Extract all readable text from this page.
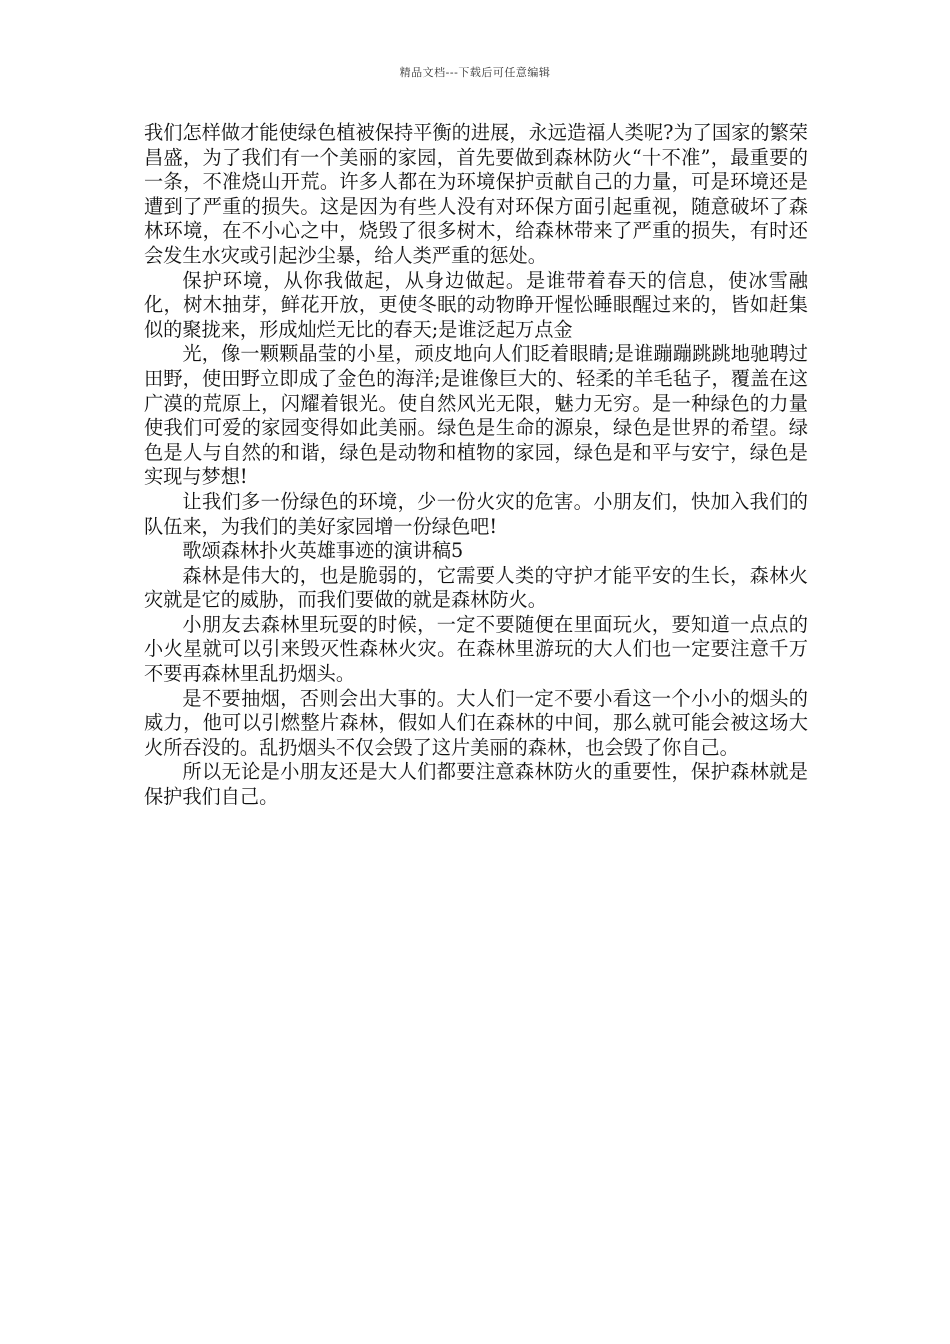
精品文档---下载后可任意编辑

我们怎样做才能使绿色植被保持平衡的进展，永远造福人类呢?为了国家的繁荣昌盛，为了我们有一个美丽的家园，首先要做到森林防火“十不准”，最重要的一条，不准烧山开荒。许多人都在为环境保护贡献自己的力量，可是环境还是遭到了严重的损失。这是因为有些人没有对环保方面引起重视，随意破坏了森林环境，在不小心之中，烧毁了很多树木，给森林带来了严重的损失，有时还会发生水灾或引起沙尘暴，给人类严重的惩处。

保护环境，从你我做起，从身边做起。是谁带着春天的信息，使冰雪融化，树木抽芽，鲜花开放，更使冬眠的动物睁开惺忪睡眼醒过来的，皆如赶集似的聚拢来，形成灿烂无比的春天;是谁泛起万点金

光，像一颗颗晶莹的小星，顽皮地向人们眨着眼睛;是谁蹦蹦跳跳地驰聘过田野，使田野立即成了金色的海洋;是谁像巨大的、轻柔的羊毛毡子，覆盖在这广漠的荒原上，闪耀着银光。使自然风光无限，魅力无穷。是一种绿色的力量使我们可爱的家园变得如此美丽。绿色是生命的源泉，绿色是世界的希望。绿色是人与自然的和谐，绿色是动物和植物的家园，绿色是和平与安宁，绿色是实现与梦想!

让我们多一份绿色的环境，少一份火灾的危害。小朋友们，快加入我们的队伍来，为我们的美好家园增一份绿色吧!

歌颂森林扑火英雄事迹的演讲稿5

森林是伟大的，也是脆弱的，它需要人类的守护才能平安的生长，森林火灾就是它的威胁，而我们要做的就是森林防火。

小朋友去森林里玩耍的时候，一定不要随便在里面玩火，要知道一点点的小火星就可以引来毁灭性森林火灾。在森林里游玩的大人们也一定要注意千万不要再森林里乱扔烟头。

是不要抽烟，否则会出大事的。大人们一定不要小看这一个小小的烟头的威力，他可以引燃整片森林，假如人们在森林的中间，那么就可能会被这场大火所吞没的。乱扔烟头不仅会毁了这片美丽的森林，也会毁了你自己。

所以无论是小朋友还是大人们都要注意森林防火的重要性，保护森林就是保护我们自己。
